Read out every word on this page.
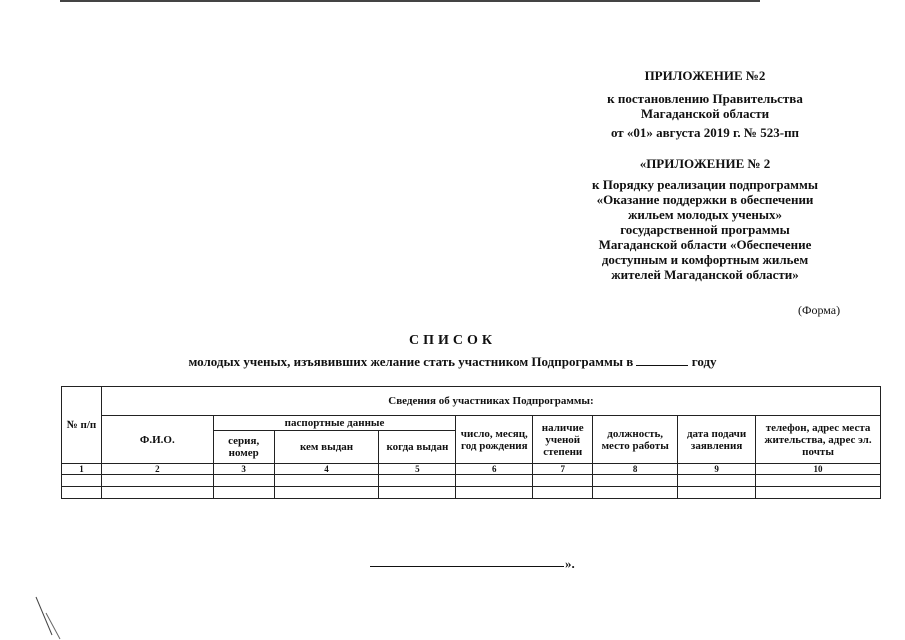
ПРИЛОЖЕНИЕ №2
к постановлению Правительства
Магаданской области
от «01» августа 2019 г. № 523-пп
«ПРИЛОЖЕНИЕ № 2
к Порядку реализации подпрограммы
«Оказание поддержки в обеспечении
жильем молодых ученых»
государственной программы
Магаданской области «Обеспечение
доступным и комфортным жильем
жителей Магаданской области»
(Форма)
СПИСОК
молодых ученых, изъявивших желание стать участником Подпрограммы в	году
№ п/п	Сведения об участниках Подпрограммы:								
	Ф.И.О.	паспортные данные			число, месяц, год рождения	наличие ученой степени	должность, место работы	дата подачи заявления	телефон, адрес места жительства, адрес эл. почты
		серия, номер	кем выдан	когда выдан					
1	2	3	4	5	6	7	8	9	10

».
